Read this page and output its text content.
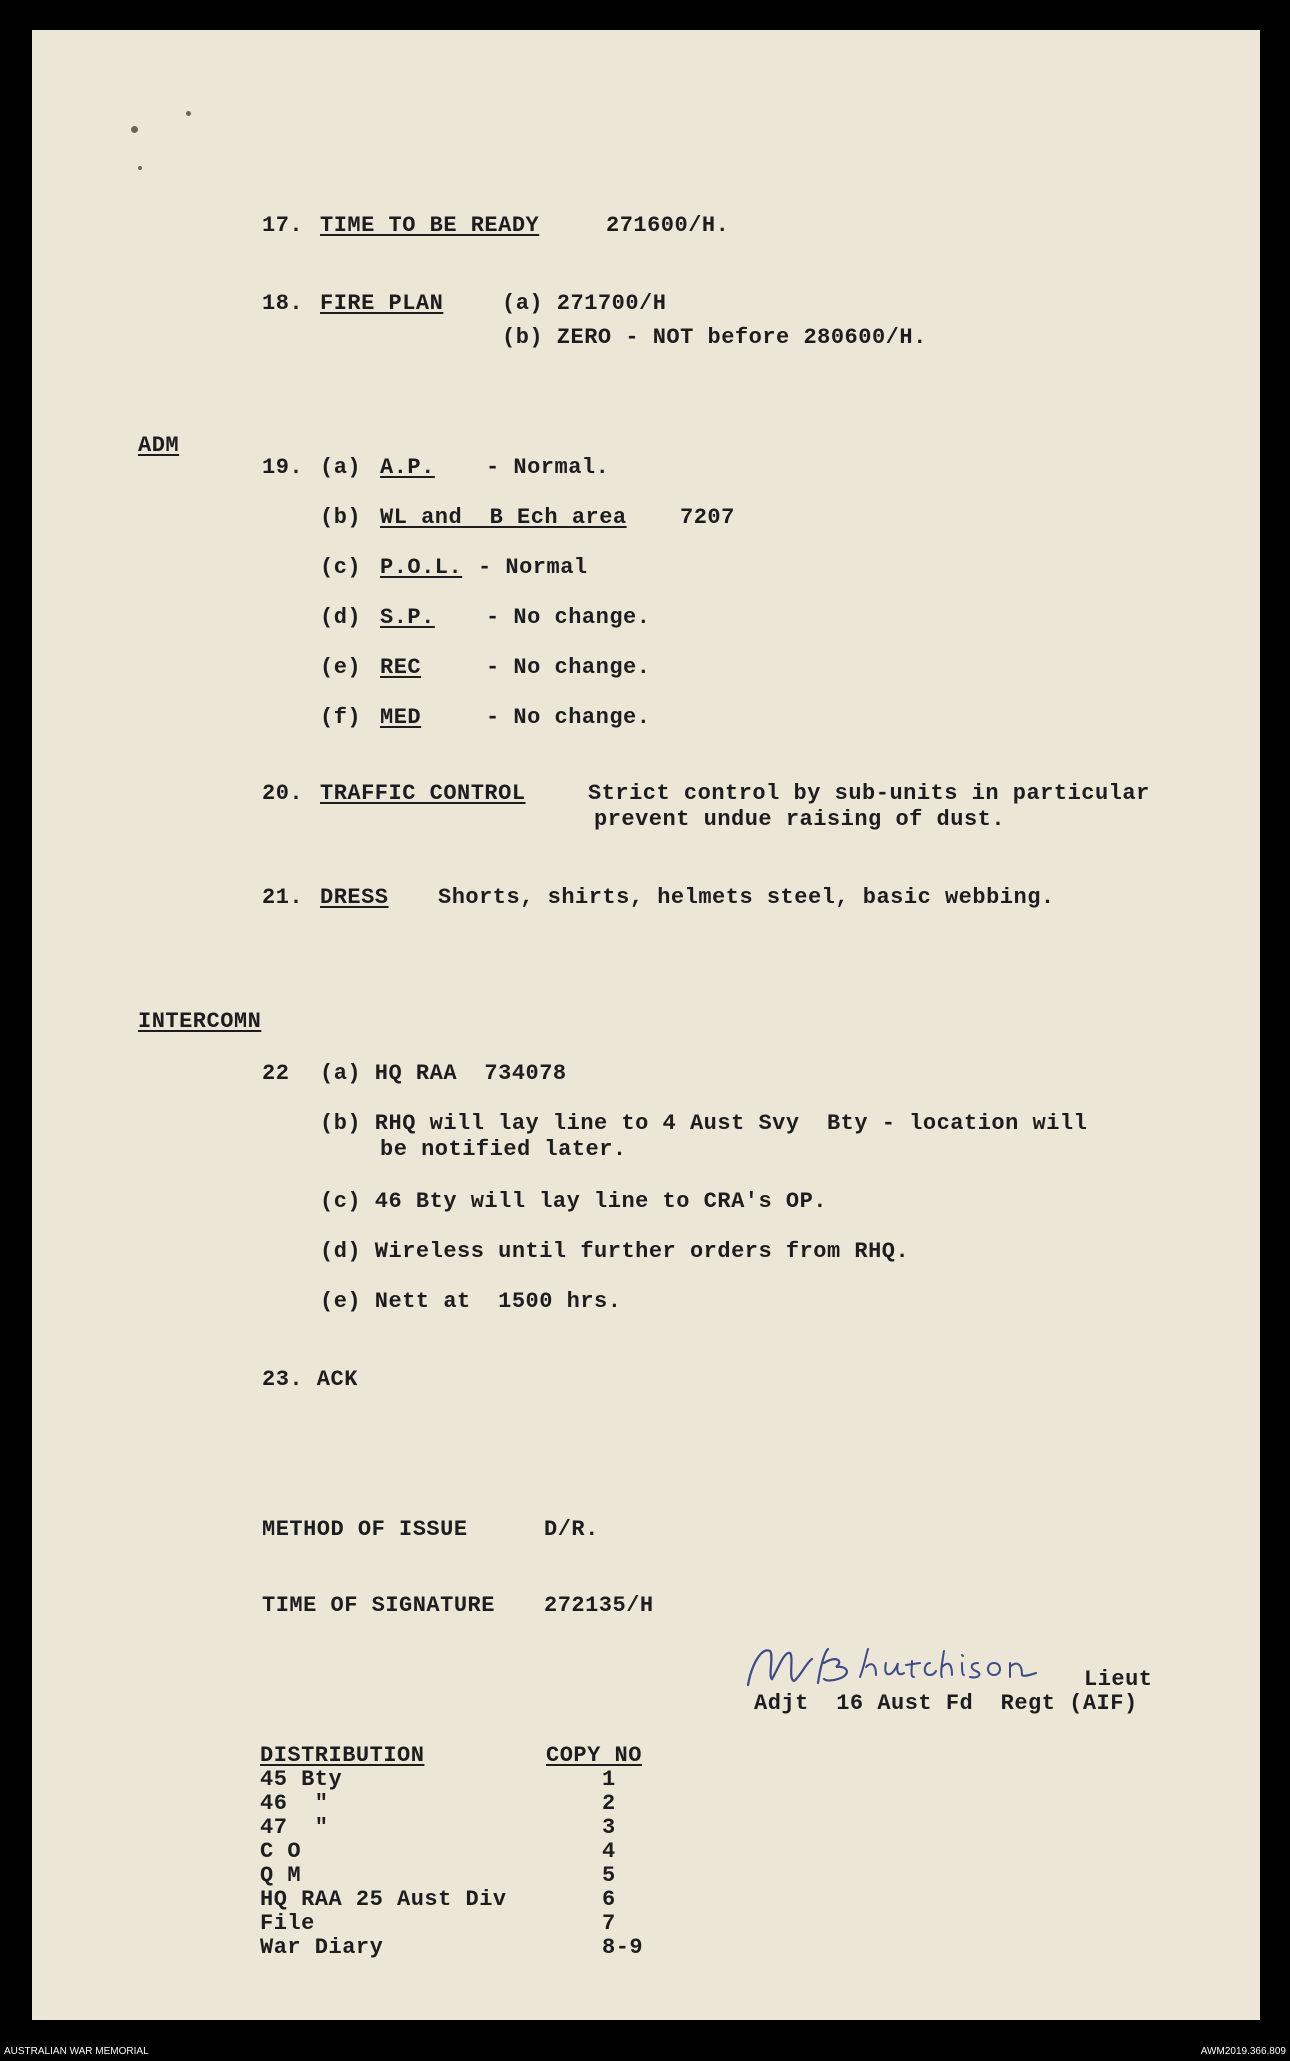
17. TIME TO BE READY	271600/H.
18. FIRE PLAN	(a) 271700/H
(b) ZERO - NOT before 280600/H.
ADM
19. (a) A.P. - Normal.
(b) WL and  B Ech area 7207
(c) P.O.L. - Normal
(d) S.P. - No change.
(e) REC	- No change.
(f) MED	- No change.
20. TRAFFIC CONTROL	Strict control by sub-units in particular
prevent undue raising of dust.
21. DRESS Shorts, shirts, helmets steel, basic webbing.
INTERCOMN
22 (a) HQ RAA  734078
(b) RHQ will lay line to 4 Aust Svy  Bty - location will
be notified later.
(c) 46 Bty will lay line to CRA's OP.
(d) Wireless until further orders from RHQ.
(e) Nett at  1500 hrs.
23. ACK
METHOD OF ISSUE	D/R.
TIME OF SIGNATURE 272135/H
Lieut
Adjt  16 Aust Fd  Regt (AIF)
DISTRIBUTION	COPY NO
45 Bty	1
46  "	2
47  "	3
C O	4
Q M	5
HQ RAA 25 Aust Div	6
File	7
War Diary	8-9
AUSTRALIAN WAR MEMORIAL	AWM2019.366.809
